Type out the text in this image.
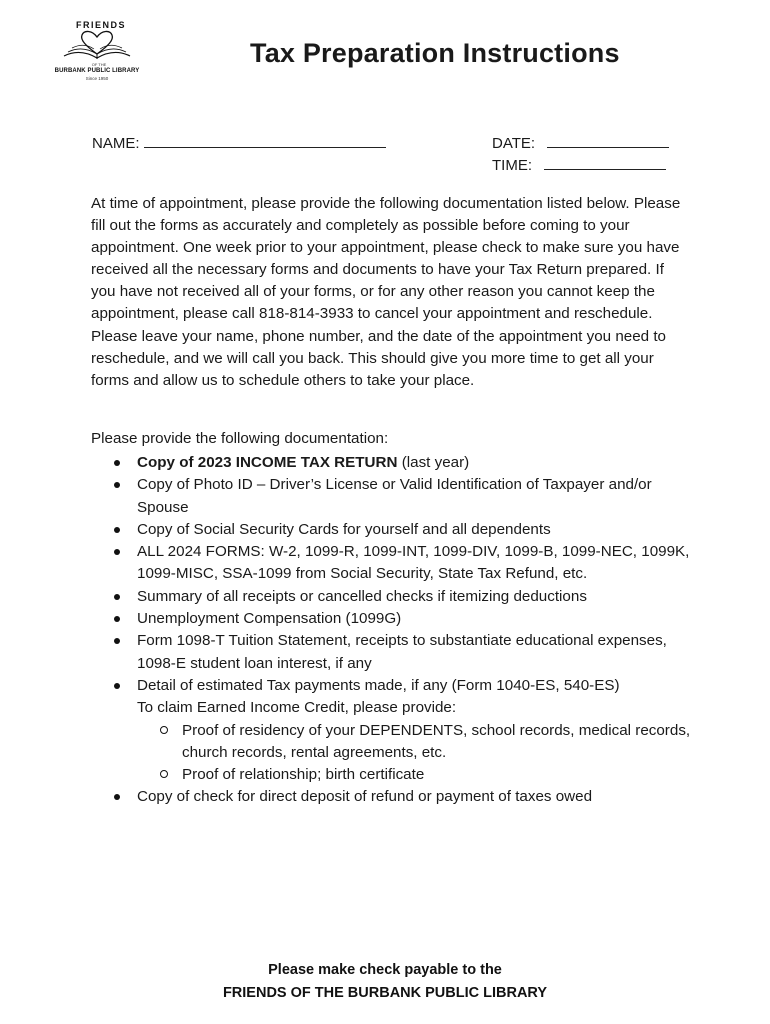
FRIENDS
OF THE
BURBANK PUBLIC LIBRARY
Since 1950
Tax Preparation Instructions
NAME:	DATE:
TIME:

At time of appointment, please provide the following documentation listed below. Please fill out the forms as accurately and completely as possible before coming to your appointment. One week prior to your appointment, please check to make sure you have received all the necessary forms and documents to have your Tax Return prepared. If you have not received all of your forms, or for any other reason you cannot keep the appointment, please call 818-814-3933 to cancel your appointment and reschedule. Please leave your name, phone number, and the date of the appointment you need to reschedule, and we will call you back. This should give you more time to get all your forms and allow us to schedule others to take your place.

Please provide the following documentation:

Copy of 2023 INCOME TAX RETURN (last year)
Copy of Photo ID – Driver’s License or Valid Identification of Taxpayer and/or Spouse
Copy of Social Security Cards for yourself and all dependents
ALL 2024 FORMS: W-2, 1099-R, 1099-INT, 1099-DIV, 1099-B, 1099-NEC, 1099K, 1099-MISC, SSA-1099 from Social Security, State Tax Refund, etc.
Summary of all receipts or cancelled checks if itemizing deductions
Unemployment Compensation (1099G)
Form 1098-T Tuition Statement, receipts to substantiate educational expenses, 1098-E student loan interest, if any
Detail of estimated Tax payments made, if any (Form 1040-ES, 540-ES)
To claim Earned Income Credit, please provide:
Proof of residency of your DEPENDENTS, school records, medical records, church records, rental agreements, etc.
Proof of relationship; birth certificate
Copy of check for direct deposit of refund or payment of taxes owed
Please make check payable to the
FRIENDS OF THE BURBANK PUBLIC LIBRARY
